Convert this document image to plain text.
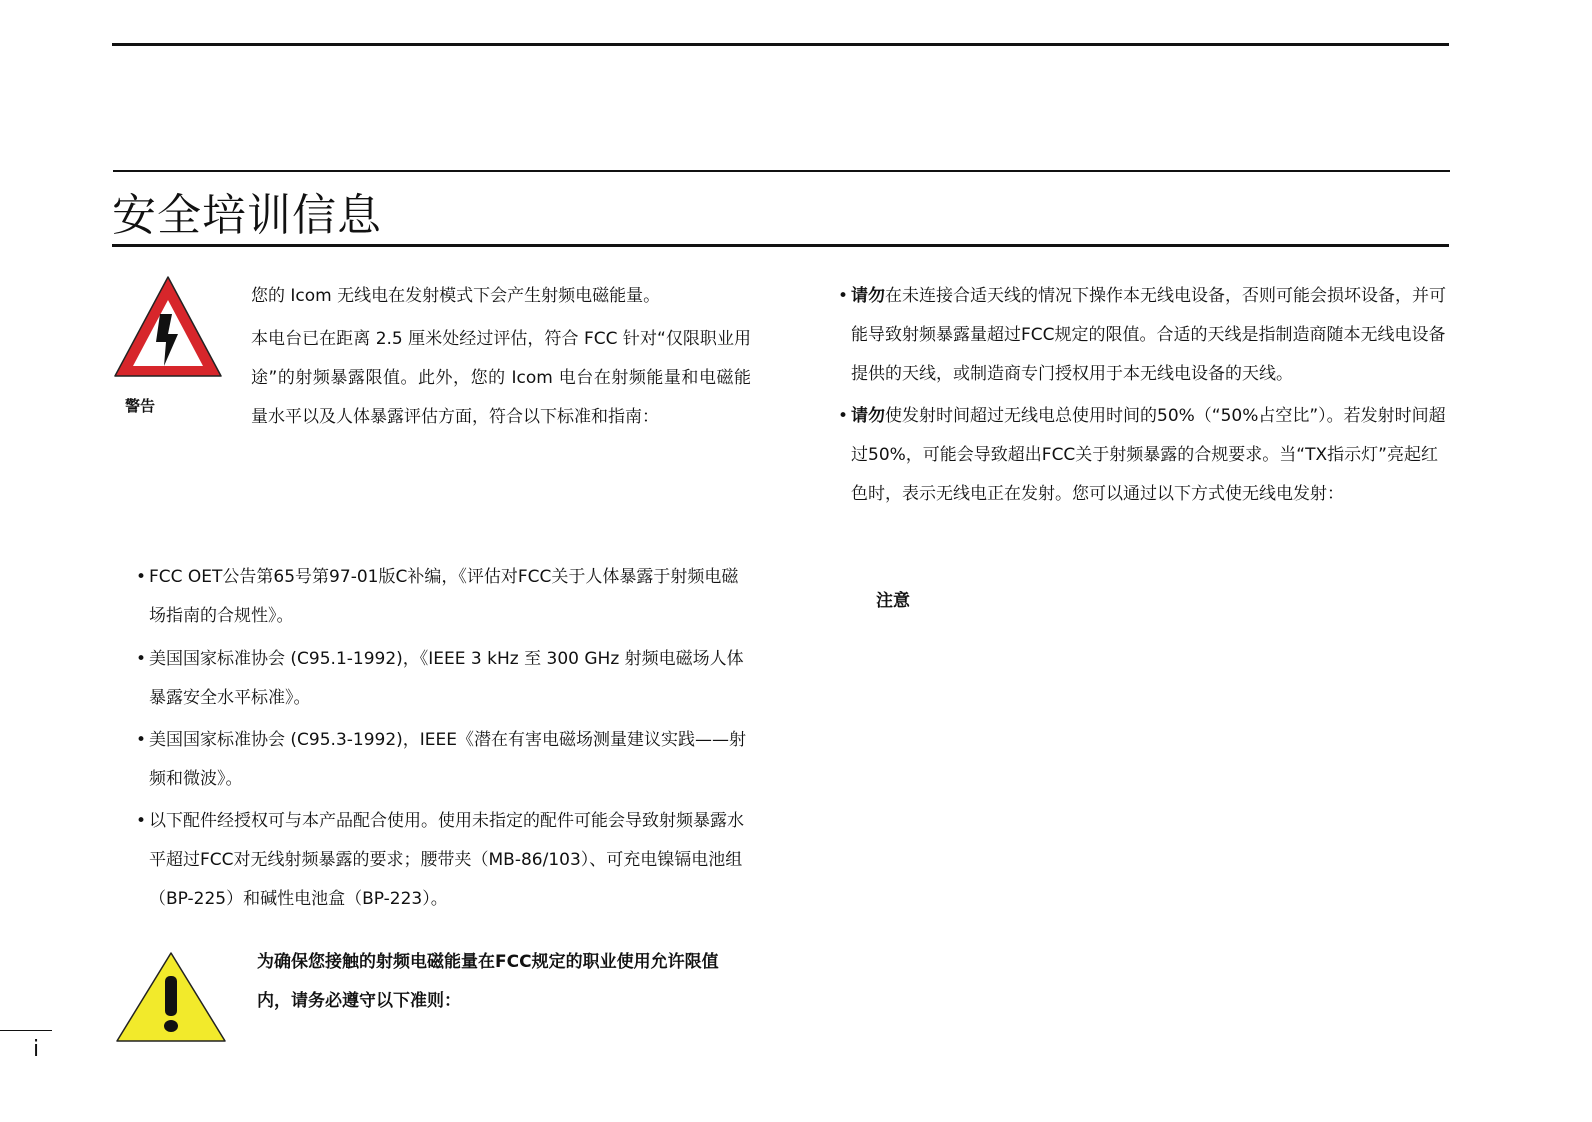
安全培训信息
警告
您的 Icom 无线电在发射模式下会产生射频电磁能量。
本电台已在距离 2.5 厘米处经过评估，符合 FCC 针对“仅限职业用途”的射频暴露限值。此外，您的 Icom 电台在射频能量和电磁能量水平以及人体暴露评估方面，符合以下标准和指南：
• FCC OET公告第65号第97-01版C补编，《评估对FCC关于人体暴露于射频电磁场指南的合规性》。
• 美国国家标准协会 (C95.1-1992)，《IEEE 3 kHz 至 300 GHz 射频电磁场人体暴露安全水平标准》。
• 美国国家标准协会 (C95.3-1992)，IEEE《潜在有害电磁场测量建议实践——射频和微波》。
• 以下配件经授权可与本产品配合使用。使用未指定的配件可能会导致射频暴露水平超过FCC对无线射频暴露的要求；腰带夹（MB-86/103）、可充电镍镉电池组（BP-225）和碱性电池盒（BP-223）。
为确保您接触的射频电磁能量在FCC规定的职业使用允许限值内，请务必遵守以下准则：
• 请勿在未连接合适天线的情况下操作本无线电设备，否则可能会损坏设备，并可能导致射频暴露量超过FCC规定的限值。合适的天线是指制造商随本无线电设备提供的天线，或制造商专门授权用于本无线电设备的天线。
• 请勿使发射时间超过无线电总使用时间的50%（“50%占空比”）。若发射时间超过50%，可能会导致超出FCC关于射频暴露的合规要求。当“TX指示灯”亮起红色时，表示无线电正在发射。您可以通过以下方式使无线电发射：
注意
i
